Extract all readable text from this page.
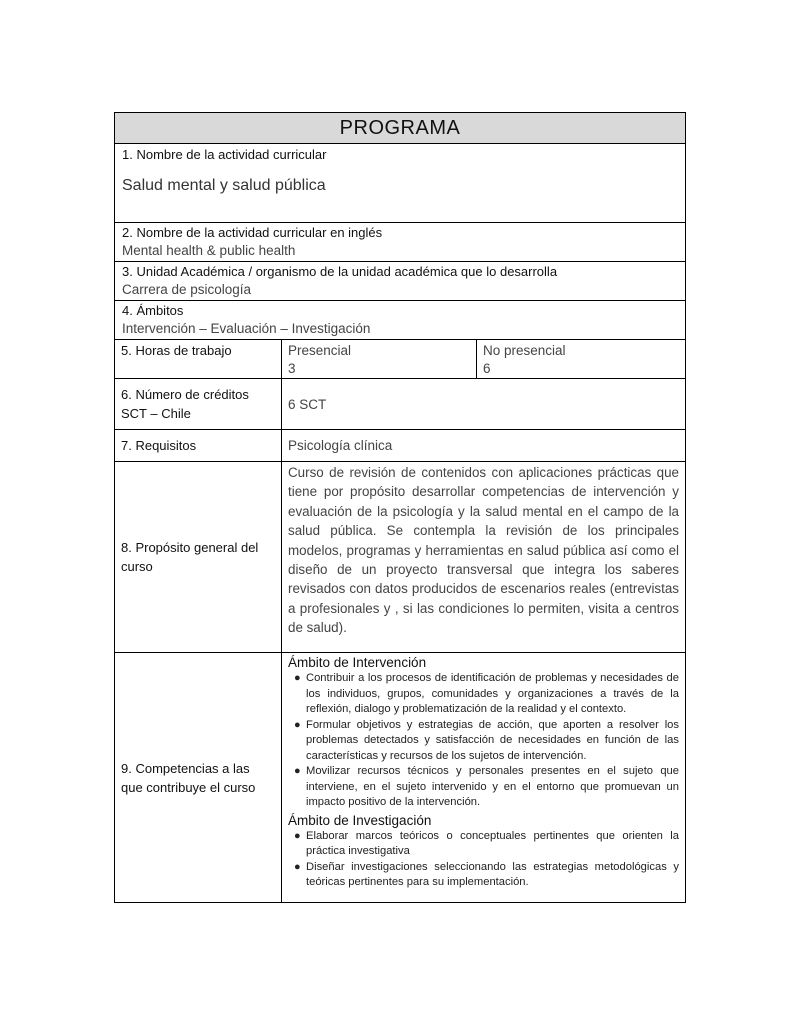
PROGRAMA
1. Nombre de la actividad curricular
Salud mental y salud pública
2. Nombre de la actividad curricular en inglés
Mental health & public health
3. Unidad Académica / organismo de la unidad académica que lo desarrolla
Carrera de psicología
4. Ámbitos
Intervención – Evaluación – Investigación
5. Horas de trabajo	Presencial
3
No presencial
6
6. Número de créditos
SCT – Chile
6 SCT
7. Requisitos	Psicología clínica
8. Propósito general del
curso
Curso de revisión de contenidos con aplicaciones prácticas que tiene por propósito desarrollar competencias de intervención y evaluación de la psicología y la salud mental en el campo de la salud pública. Se contempla la revisión de los principales modelos, programas y herramientas en salud pública así como el diseño de un proyecto transversal que integra los saberes revisados con datos producidos de escenarios reales (entrevistas a profesionales y , si las condiciones lo permiten, visita a centros de salud).
9. Competencias a las
que contribuye el curso
Ámbito de Intervención
● Contribuir a los procesos de identificación de problemas y necesidades de los individuos, grupos, comunidades y organizaciones a través de la reflexión, dialogo y problematización de la realidad y el contexto.
● Formular objetivos y estrategias de acción, que aporten a resolver los problemas detectados y satisfacción de necesidades en función de las características y recursos de los sujetos de intervención.
● Movilizar recursos técnicos y personales presentes en el sujeto que interviene, en el sujeto intervenido y en el entorno que promuevan un impacto positivo de la intervención.
Ámbito de Investigación
● Elaborar marcos teóricos o conceptuales pertinentes que orienten la práctica investigativa
● Diseñar investigaciones seleccionando las estrategias metodológicas y teóricas pertinentes para su implementación.
